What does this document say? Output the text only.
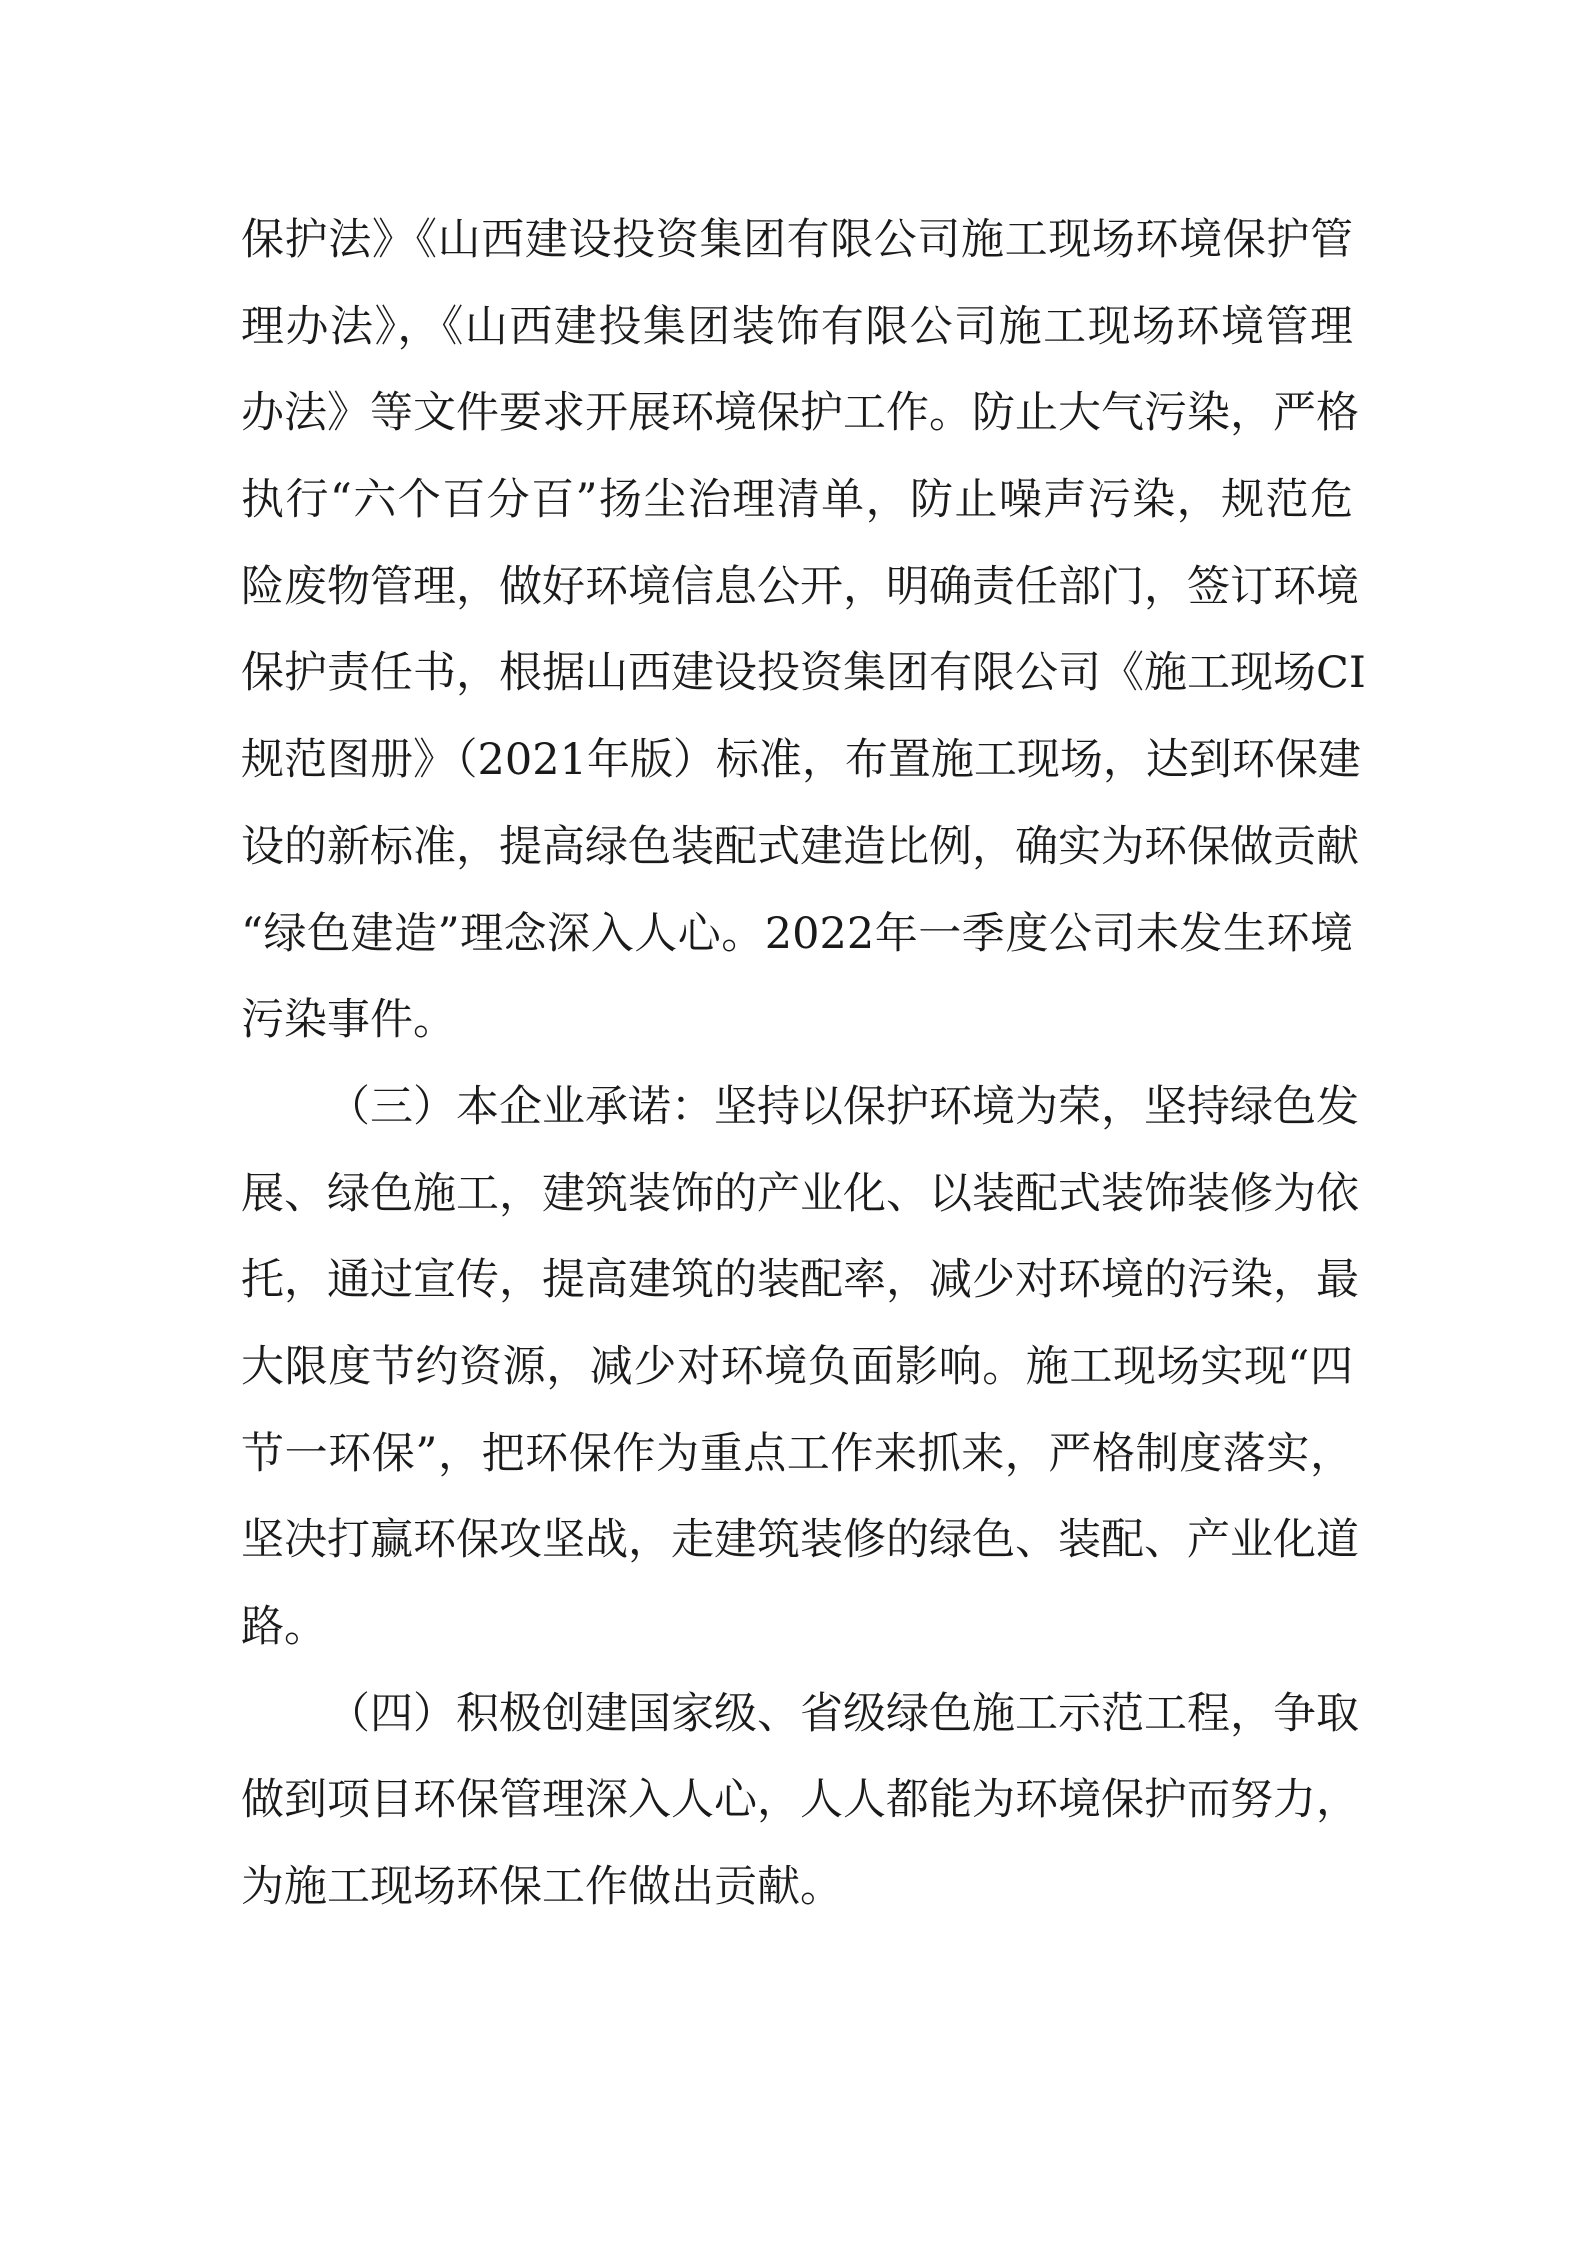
保护法》《山西建设投资集团有限公司施工现场环境保护管
理办法》，《山西建投集团装饰有限公司施工现场环境管理
办法》等文件要求开展环境保护工作。防止大气污染，严格
执行“六个百分百”扬尘治理清单，防止噪声污染，规范危
险废物管理，做好环境信息公开，明确责任部门，签订环境
保护责任书，根据山西建设投资集团有限公司《施工现场CI
规范图册》（2021年版）标准，布置施工现场，达到环保建
设的新标准，提高绿色装配式建造比例，确实为环保做贡献
“绿色建造”理念深入人心。2022年一季度公司未发生环境
污染事件。
（三）本企业承诺：坚持以保护环境为荣，坚持绿色发
展、绿色施工，建筑装饰的产业化、以装配式装饰装修为依
托，通过宣传，提高建筑的装配率，减少对环境的污染，最
大限度节约资源，减少对环境负面影响。施工现场实现“四
节一环保”，把环保作为重点工作来抓来，严格制度落实，
坚决打赢环保攻坚战，走建筑装修的绿色、装配、产业化道
路。
（四）积极创建国家级、省级绿色施工示范工程，争取
做到项目环保管理深入人心，人人都能为环境保护而努力，
为施工现场环保工作做出贡献。
